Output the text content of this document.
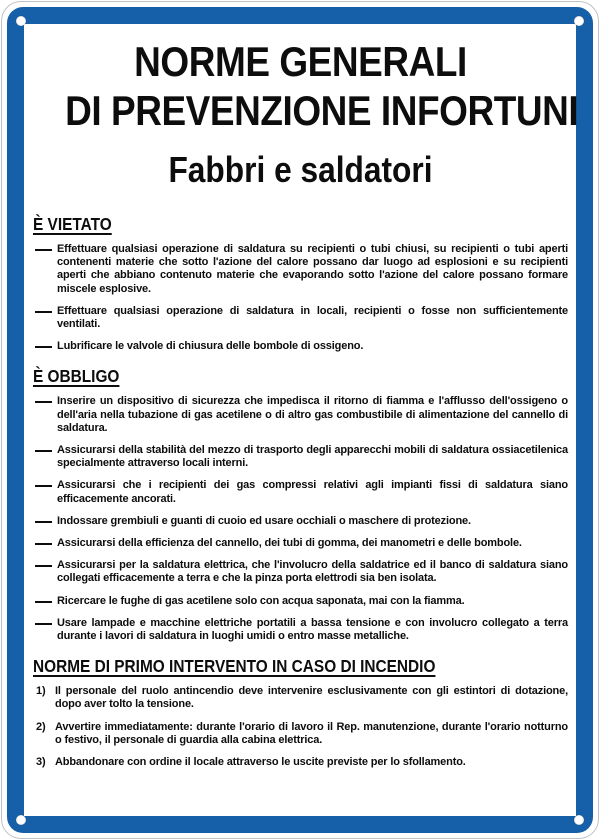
NORME GENERALI
DI PREVENZIONE INFORTUNI
Fabbri e saldatori
È VIETATO
Effettuare qualsiasi operazione di saldatura su recipienti o tubi chiusi, su recipienti o tubi aperti contenenti materie che sotto l'azione del calore possano dar luogo ad esplosioni e su recipienti aperti che abbiano contenuto materie che evaporando sotto l'azione del calore possano formare miscele esplosive.
Effettuare qualsiasi operazione di saldatura in locali, recipienti o fosse non sufficientemente ventilati.
Lubrificare le valvole di chiusura delle bombole di ossigeno.
È OBBLIGO
Inserire un dispositivo di sicurezza che impedisca il ritorno di fiamma e l'afflusso dell'ossigeno o dell'aria nella tubazione di gas acetilene o di altro gas combustibile di alimentazione del cannello di saldatura.
Assicurarsi della stabilità del mezzo di trasporto degli apparecchi mobili di saldatura ossiacetilenica specialmente attraverso locali interni.
Assicurarsi che i recipienti dei gas compressi relativi agli impianti fissi di saldatura siano efficacemente ancorati.
Indossare grembiuli e guanti di cuoio ed usare occhiali o maschere di protezione.
Assicurarsi della efficienza del cannello, dei tubi di gomma, dei manometri e delle bombole.
Assicurarsi per la saldatura elettrica, che l'involucro della saldatrice ed il banco di saldatura siano collegati efficacemente a terra e che la pinza porta elettrodi sia ben isolata.
Ricercare le fughe di gas acetilene solo con acqua saponata, mai con la fiamma.
Usare lampade e macchine elettriche portatili a bassa tensione e con involucro collegato a terra durante i lavori di saldatura in luoghi umidi o entro masse metalliche.
NORME DI PRIMO INTERVENTO IN CASO DI INCENDIO
1) Il personale del ruolo antincendio deve intervenire esclusivamente con gli estintori di dotazione, dopo aver tolto la tensione.
2) Avvertire immediatamente: durante l'orario di lavoro il Rep. manutenzione, durante l'orario notturno o festivo, il personale di guardia alla cabina elettrica.
3) Abbandonare con ordine il locale attraverso le uscite previste per lo sfollamento.
